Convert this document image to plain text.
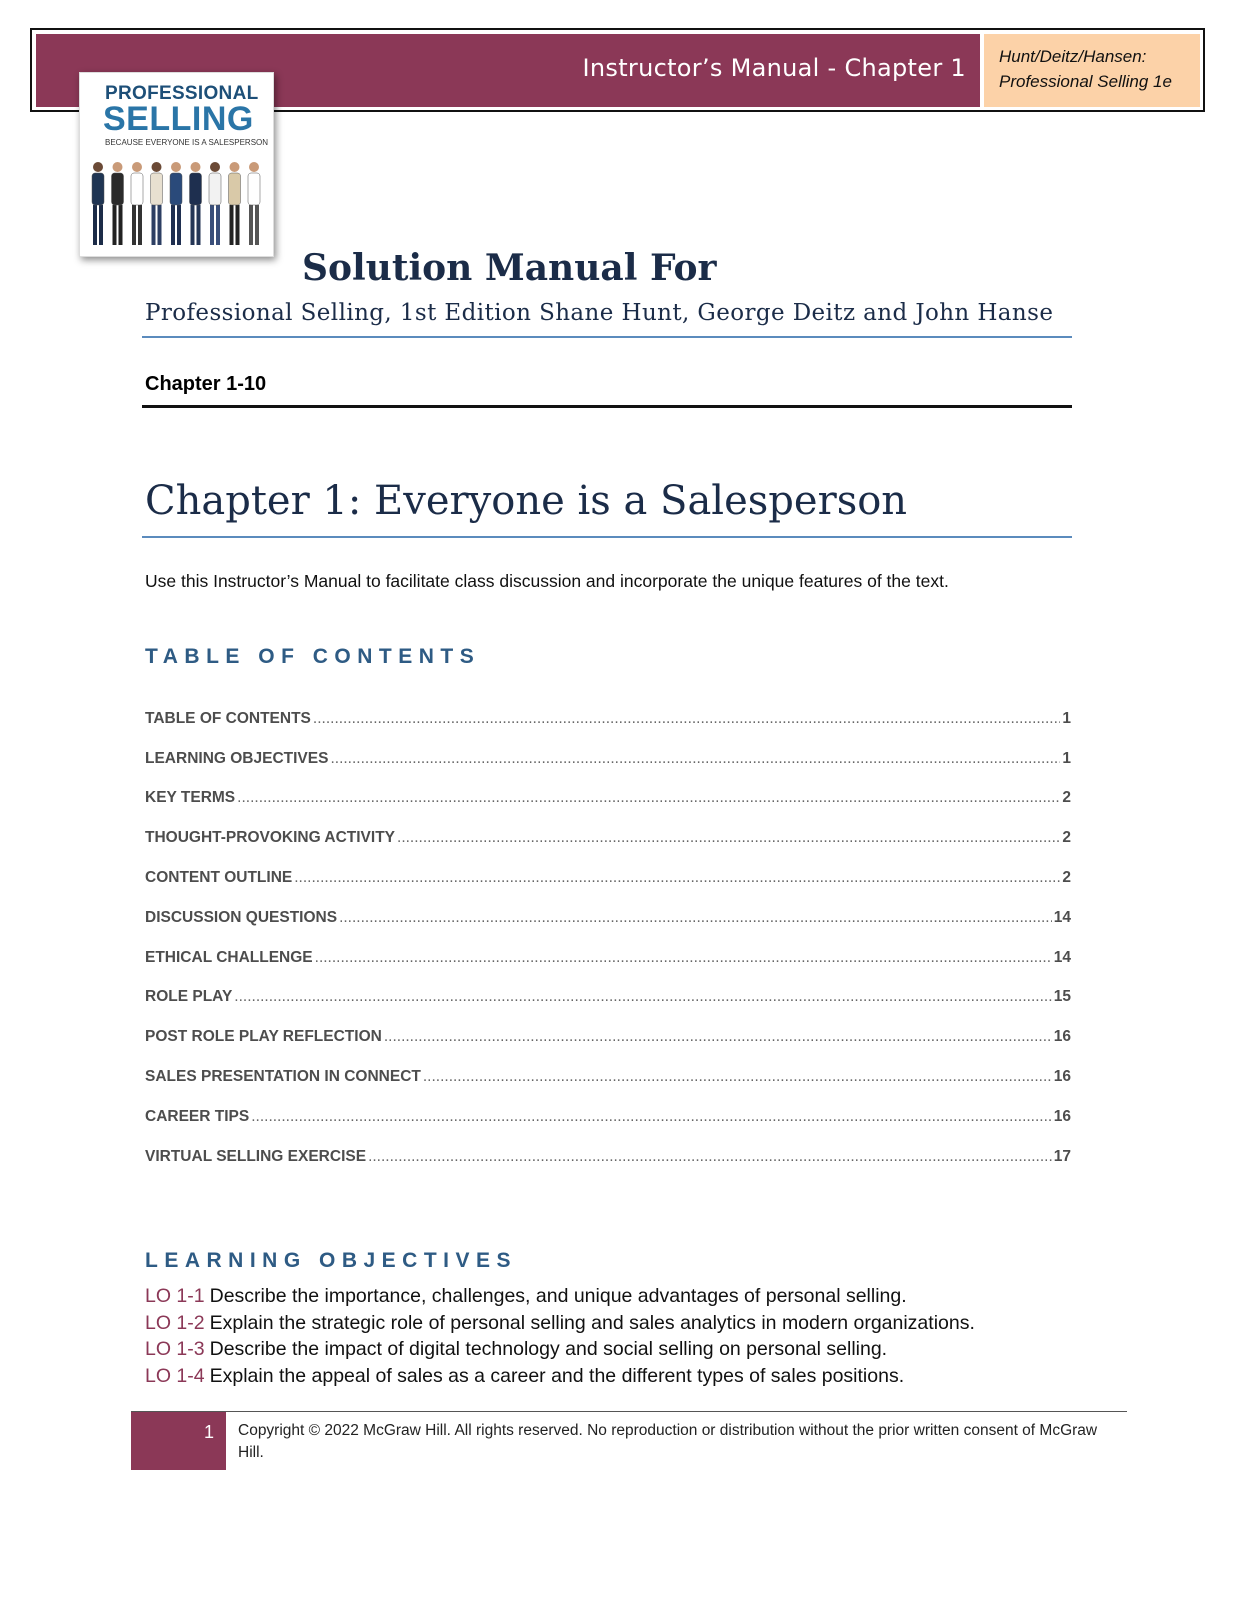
Instructor’s Manual - Chapter 1 Hunt/Deitz/Hansen:
Professional Selling 1e
PROFESSIONAL
SELLING
BECAUSE EVERYONE IS A SALESPERSON
Solution Manual For
Professional Selling, 1st Edition Shane Hunt, George Deitz and John Hanse
Chapter 1-10
Chapter 1: Everyone is a Salesperson
Use this Instructor’s Manual to facilitate class discussion and incorporate the unique features of the text.
TABLE OF CONTENTS
TABLE OF CONTENTS .....	1
LEARNING OBJECTIVES .....	1
KEY TERMS .....	2
THOUGHT-PROVOKING ACTIVITY .....	2
CONTENT OUTLINE .....	2
DISCUSSION QUESTIONS .....	14
ETHICAL CHALLENGE .....	14
ROLE PLAY .....	15
POST ROLE PLAY REFLECTION .....	16
SALES PRESENTATION IN CONNECT .....	16
CAREER TIPS .....	16
VIRTUAL SELLING EXERCISE .....	17
LEARNING OBJECTIVES
LO 1-1 Describe the importance, challenges, and unique advantages of personal selling.
LO 1-2 Explain the strategic role of personal selling and sales analytics in modern organizations.
LO 1-3 Describe the impact of digital technology and social selling on personal selling.
LO 1-4 Explain the appeal of sales as a career and the different types of sales positions.
1 Copyright © 2022 McGraw Hill. All rights reserved. No reproduction or distribution without the prior written consent of McGraw Hill.
